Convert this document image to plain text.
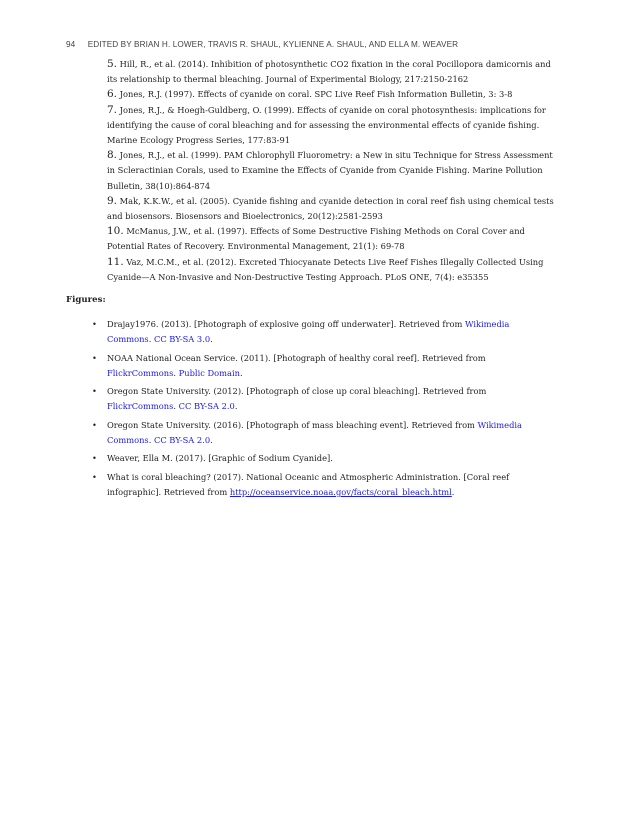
94 EDITED BY BRIAN H. LOWER, TRAVIS R. SHAUL, KYLIENNE A. SHAUL, AND ELLA M. WEAVER

5. Hill, R., et al. (2014). Inhibition of photosynthetic CO2 fixation in the coral Pocillopora damicornis and its relationship to thermal bleaching. Journal of Experimental Biology, 217:2150-2162

6. Jones, R.J. (1997). Effects of cyanide on coral. SPC Live Reef Fish Information Bulletin, 3: 3-8

7. Jones, R.J., & Hoegh-Guldberg, O. (1999). Effects of cyanide on coral photosynthesis: implications for identifying the cause of coral bleaching and for assessing the environmental effects of cyanide fishing. Marine Ecology Progress Series, 177:83-91

8. Jones, R.J., et al. (1999). PAM Chlorophyll Fluorometry: a New in situ Technique for Stress Assessment in Scleractinian Corals, used to Examine the Effects of Cyanide from Cyanide Fishing. Marine Pollution Bulletin, 38(10):864-874

9. Mak, K.K.W., et al. (2005). Cyanide fishing and cyanide detection in coral reef fish using chemical tests and biosensors. Biosensors and Bioelectronics, 20(12):2581-2593

10. McManus, J.W., et al. (1997). Effects of Some Destructive Fishing Methods on Coral Cover and Potential Rates of Recovery. Environmental Management, 21(1): 69-78

11. Vaz, M.C.M., et al. (2012). Excreted Thiocyanate Detects Live Reef Fishes Illegally Collected Using Cyanide—A Non-Invasive and Non-Destructive Testing Approach. PLoS ONE, 7(4): e35355

Figures:

• Drajay1976. (2013). [Photograph of explosive going off underwater]. Retrieved from Wikimedia Commons. CC BY-SA 3.0.
• NOAA National Ocean Service. (2011). [Photograph of healthy coral reef]. Retrieved from FlickrCommons. Public Domain.
• Oregon State University. (2012). [Photograph of close up coral bleaching]. Retrieved from FlickrCommons. CC BY-SA 2.0.
• Oregon State University. (2016). [Photograph of mass bleaching event]. Retrieved from Wikimedia Commons. CC BY-SA 2.0.
• Weaver, Ella M. (2017). [Graphic of Sodium Cyanide].
• What is coral bleaching? (2017). National Oceanic and Atmospheric Administration. [Coral reef infographic]. Retrieved from http://oceanservice.noaa.gov/facts/coral_bleach.html.
